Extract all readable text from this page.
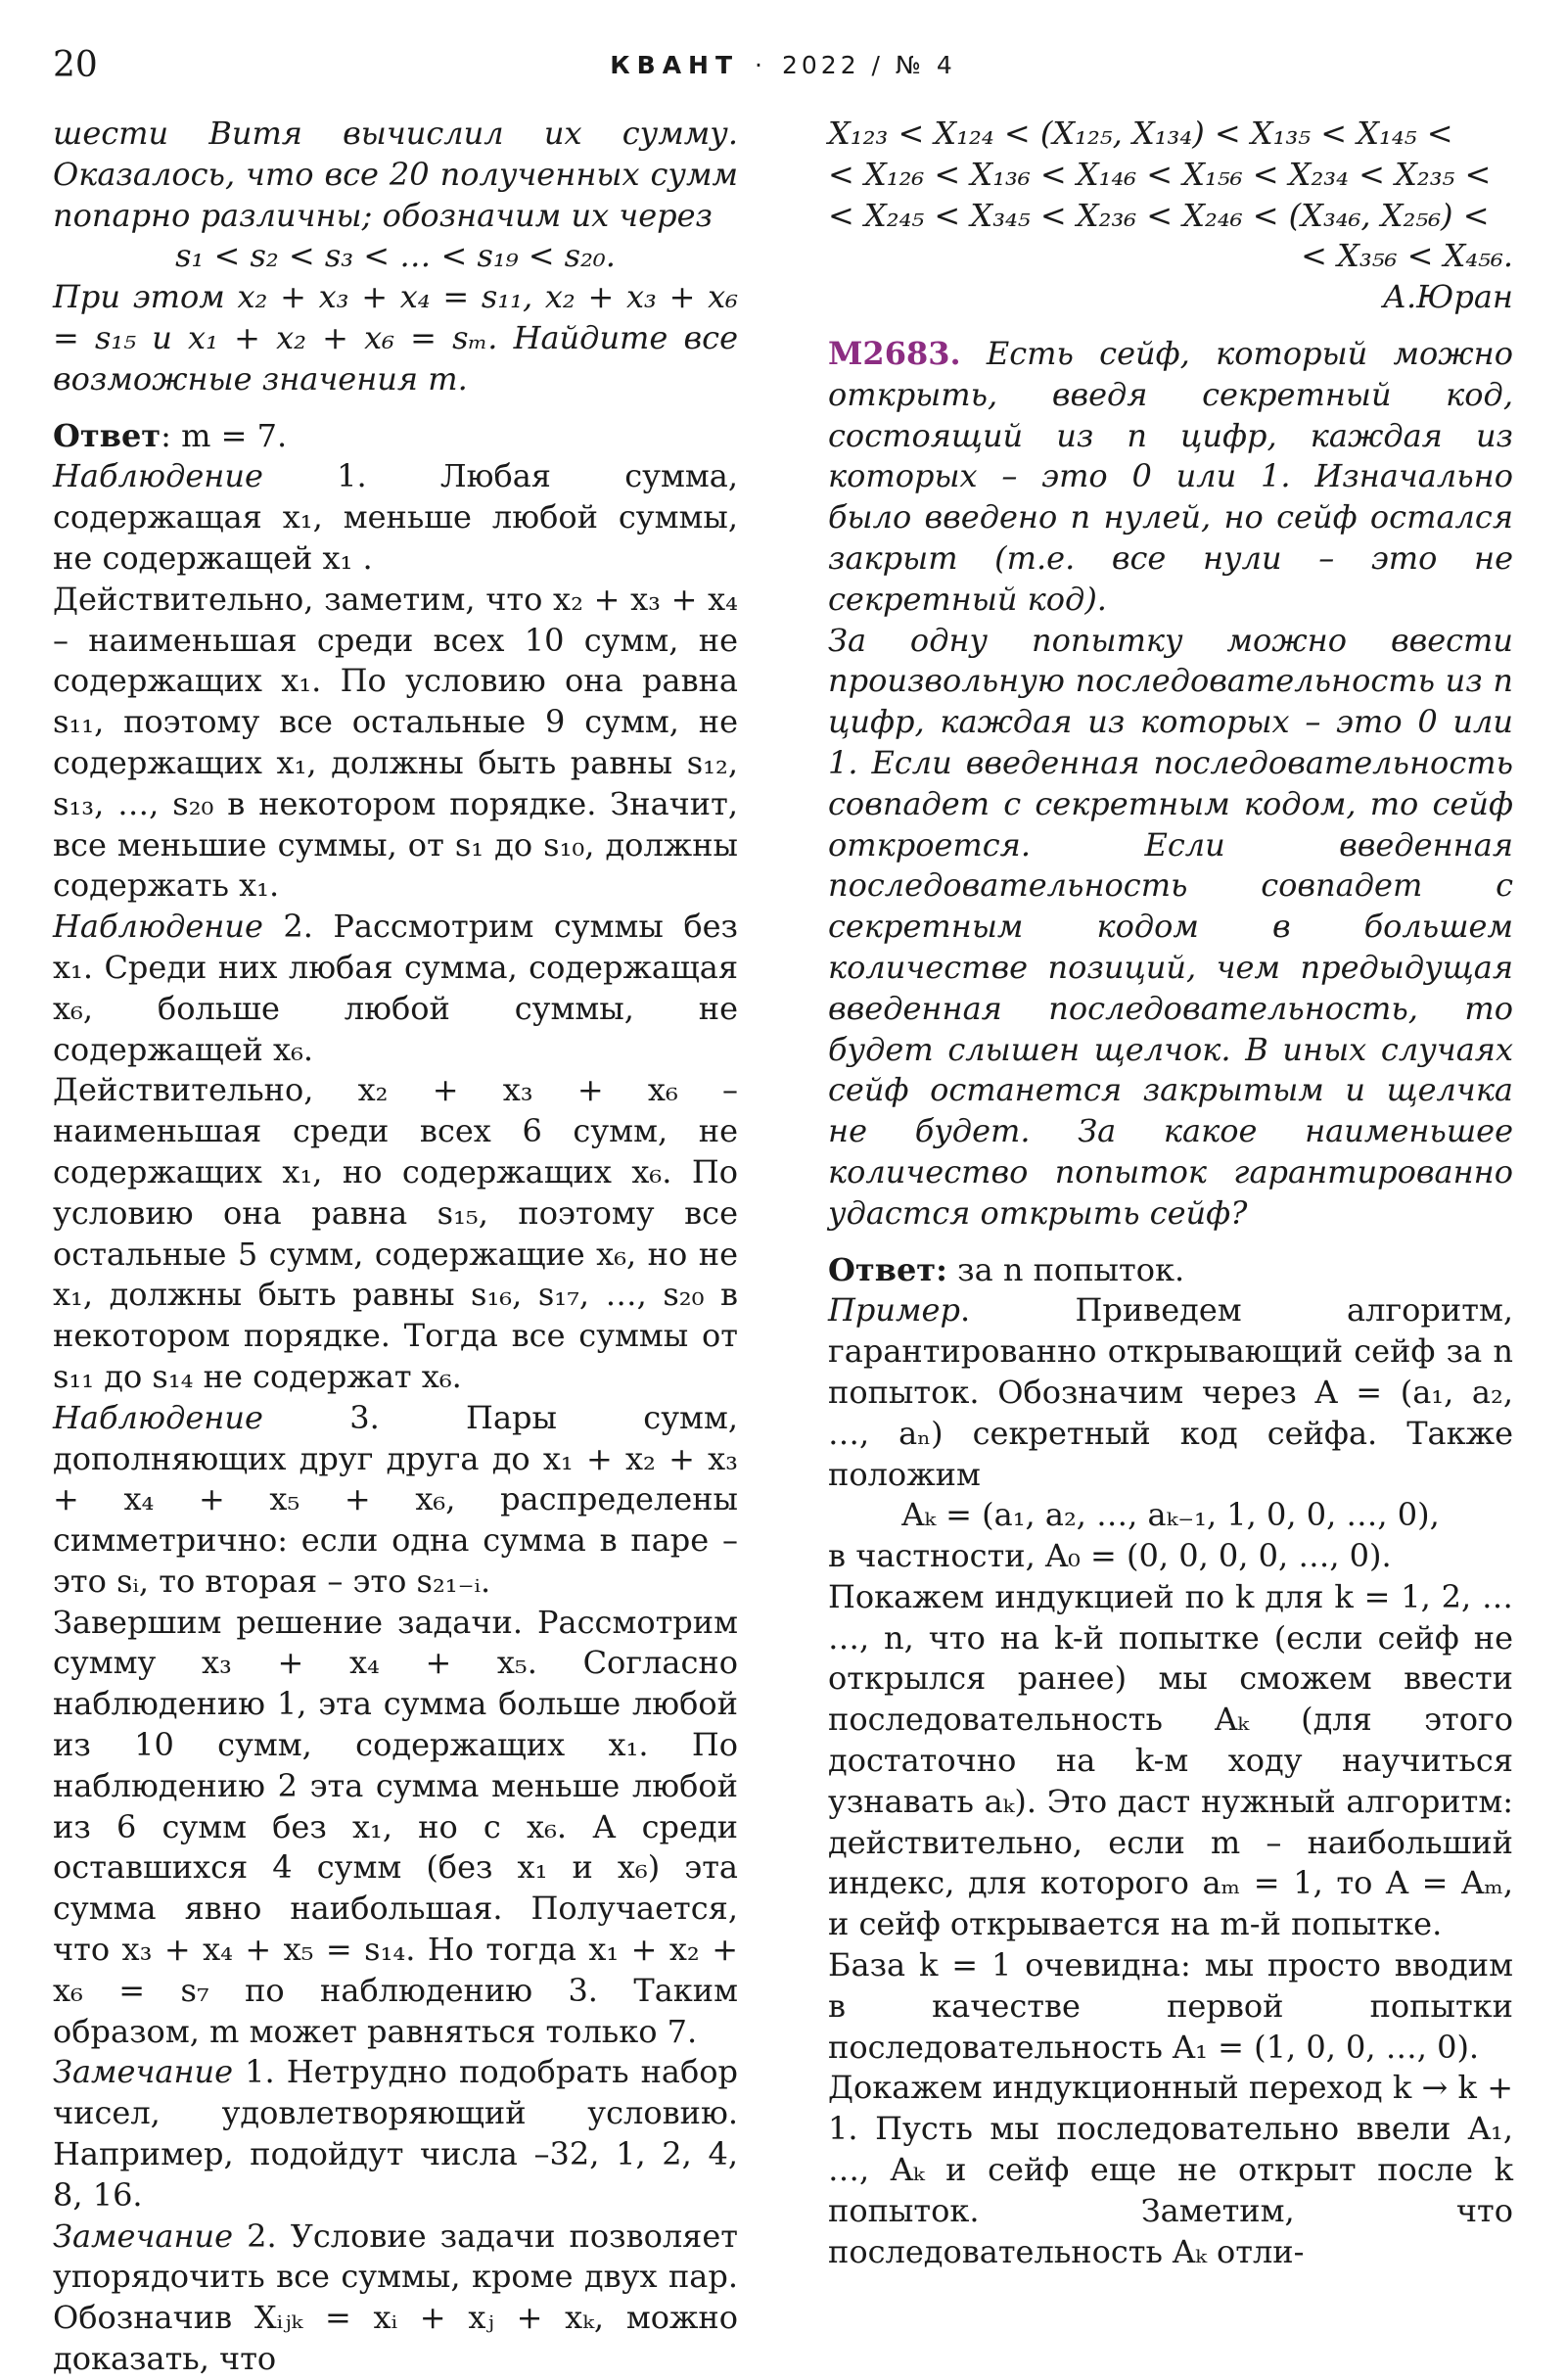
20	КВАНТ · 2022 / № 4

шести Витя вычислил их сумму. Оказалось, что все 20 полученных сумм попарно различны; обозначим их через

s₁ < s₂ < s₃ < … < s₁₉ < s₂₀.

При этом x₂ + x₃ + x₄ = s₁₁, x₂ + x₃ + x₆ = s₁₅ и x₁ + x₂ + x₆ = sₘ. Найдите все возможные значения m.

Ответ: m = 7.

Наблюдение 1. Любая сумма, содержащая x₁, меньше любой суммы, не содержащей x₁ .

Действительно, заметим, что x₂ + x₃ + x₄ – наименьшая среди всех 10 сумм, не содержащих x₁. По условию она равна s₁₁, поэтому все остальные 9 сумм, не содержащих x₁, должны быть равны s₁₂, s₁₃, …, s₂₀ в некотором порядке. Значит, все меньшие суммы, от s₁ до s₁₀, должны содержать x₁.

Наблюдение 2. Рассмотрим суммы без x₁. Среди них любая сумма, содержащая x₆, больше любой суммы, не содержащей x₆.

Действительно, x₂ + x₃ + x₆ – наименьшая среди всех 6 сумм, не содержащих x₁, но содержащих x₆. По условию она равна s₁₅, поэтому все остальные 5 сумм, содержащие x₆, но не x₁, должны быть равны s₁₆, s₁₇, …, s₂₀ в некотором порядке. Тогда все суммы от s₁₁ до s₁₄ не содержат x₆.

Наблюдение 3. Пары сумм, дополняющих друг друга до x₁ + x₂ + x₃ + x₄ + x₅ + x₆, распределены симметрично: если одна сумма в паре – это sᵢ, то вторая – это s₂₁₋ᵢ.

Завершим решение задачи. Рассмотрим сумму x₃ + x₄ + x₅. Согласно наблюдению 1, эта сумма больше любой из 10 сумм, содержащих x₁. По наблюдению 2 эта сумма меньше любой из 6 сумм без x₁, но с x₆. А среди оставшихся 4 сумм (без x₁ и x₆) эта сумма явно наибольшая. Получается, что x₃ + x₄ + x₅ = s₁₄. Но тогда x₁ + x₂ + x₆ = s₇ по наблюдению 3. Таким образом, m может равняться только 7.

Замечание 1. Нетрудно подобрать набор чисел, удовлетворяющий условию. Например, подойдут числа –32, 1, 2, 4, 8, 16.

Замечание 2. Условие задачи позволяет упорядочить все суммы, кроме двух пар. Обозначив Xᵢⱼₖ = xᵢ + xⱼ + xₖ, можно доказать, что

X₁₂₃ < X₁₂₄ < (X₁₂₅, X₁₃₄) < X₁₃₅ < X₁₄₅ <

< X₁₂₆ < X₁₃₆ < X₁₄₆ < X₁₅₆ < X₂₃₄ < X₂₃₅ <

< X₂₄₅ < X₃₄₅ < X₂₃₆ < X₂₄₆ < (X₃₄₆, X₂₅₆) <

< X₃₅₆ < X₄₅₆.

А.Юран

М2683. Есть сейф, который можно открыть, введя секретный код, состоящий из n цифр, каждая из которых – это 0 или 1. Изначально было введено n нулей, но сейф остался закрыт (т.е. все нули – это не секретный код).

За одну попытку можно ввести произвольную последовательность из n цифр, каждая из которых – это 0 или 1. Если введенная последовательность совпадет с секретным кодом, то сейф откроется. Если введенная последовательность совпадет с секретным кодом в большем количестве позиций, чем предыдущая введенная последовательность, то будет слышен щелчок. В иных случаях сейф останется закрытым и щелчка не будет. За какое наименьшее количество попыток гарантированно удастся открыть сейф?

Ответ: за n попыток.

Пример. Приведем алгоритм, гарантированно открывающий сейф за n попыток. Обозначим через A = (a₁, a₂, …, aₙ) секретный код сейфа. Также положим

Aₖ = (a₁, a₂, …, aₖ₋₁, 1, 0, 0, …, 0),

в частности, A₀ = (0, 0, 0, 0, …, 0).

Покажем индукцией по k для k = 1, 2, … …, n, что на k-й попытке (если сейф не открылся ранее) мы сможем ввести последовательность Aₖ (для этого достаточно на k-м ходу научиться узнавать aₖ). Это даст нужный алгоритм: действительно, если m – наибольший индекс, для которого aₘ = 1, то A = Aₘ, и сейф открывается на m-й попытке.

База k = 1 очевидна: мы просто вводим в качестве первой попытки последовательность A₁ = (1, 0, 0, …, 0).

Докажем индукционный переход k → k + 1. Пусть мы последовательно ввели A₁, …, Aₖ и сейф еще не открыт после k попыток. Заметим, что последовательность Aₖ отли-
